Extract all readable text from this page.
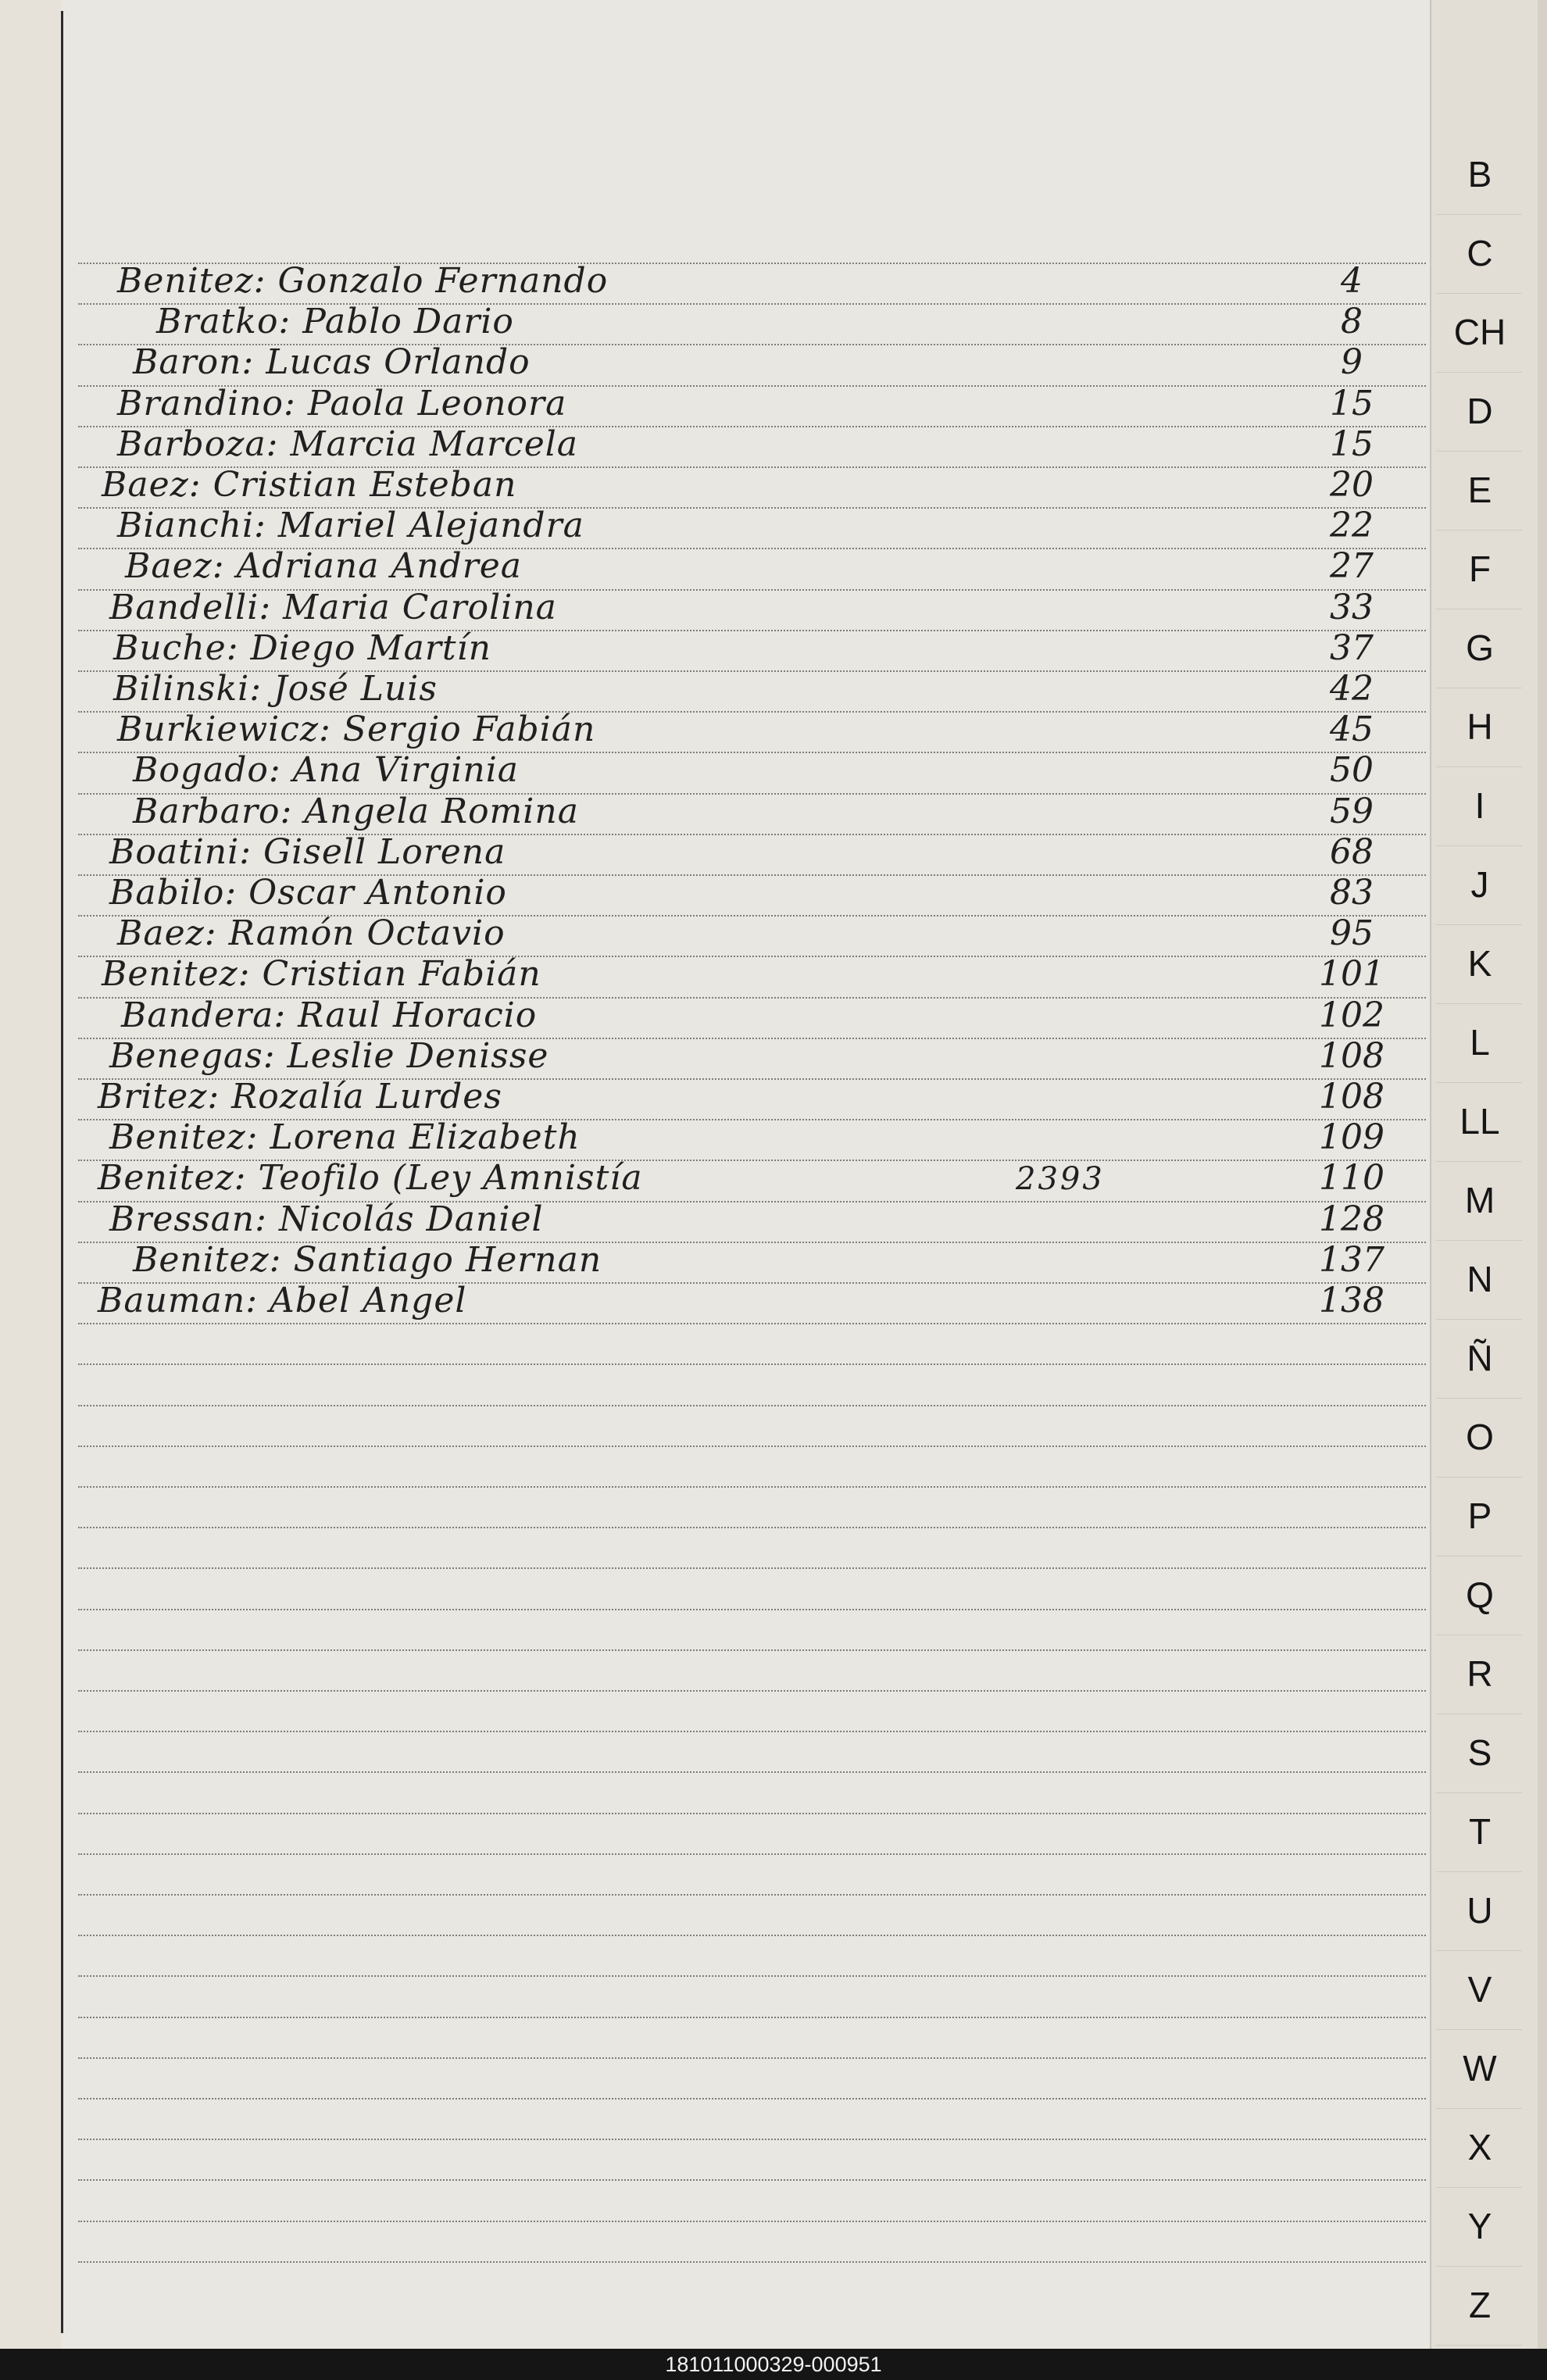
Benitez: Gonzalo Fernando	4
Bratko: Pablo Dario	8
Baron: Lucas Orlando	9
Brandino: Paola Leonora	15
Barboza: Marcia Marcela	15
Baez: Cristian Esteban	20
Bianchi: Mariel Alejandra	22
Baez: Adriana Andrea	27
Bandelli: Maria Carolina	33
Buche: Diego Martín	37
Bilinski: José Luis	42
Burkiewicz: Sergio Fabián	45
Bogado: Ana Virginia	50
Barbaro: Angela Romina	59
Boatini: Gisell Lorena	68
Babilo: Oscar Antonio	83
Baez: Ramón Octavio	95
Benitez: Cristian Fabián	101
Bandera: Raul Horacio	102
Benegas: Leslie Denisse	108
Britez: Rozalía Lurdes	108
Benitez: Lorena Elizabeth	109
Benitez: Teofilo (Ley Amnistía	2393	110
Bressan: Nicolás Daniel	128
Benitez: Santiago Hernan	137
Bauman: Abel Angel	138
B
C
CH
D
E
F
G
H
I
J
K
L
LL
M
N
Ñ
O
P
Q
R
S
T
U
V
W
X
Y
Z
181011000329-000951
